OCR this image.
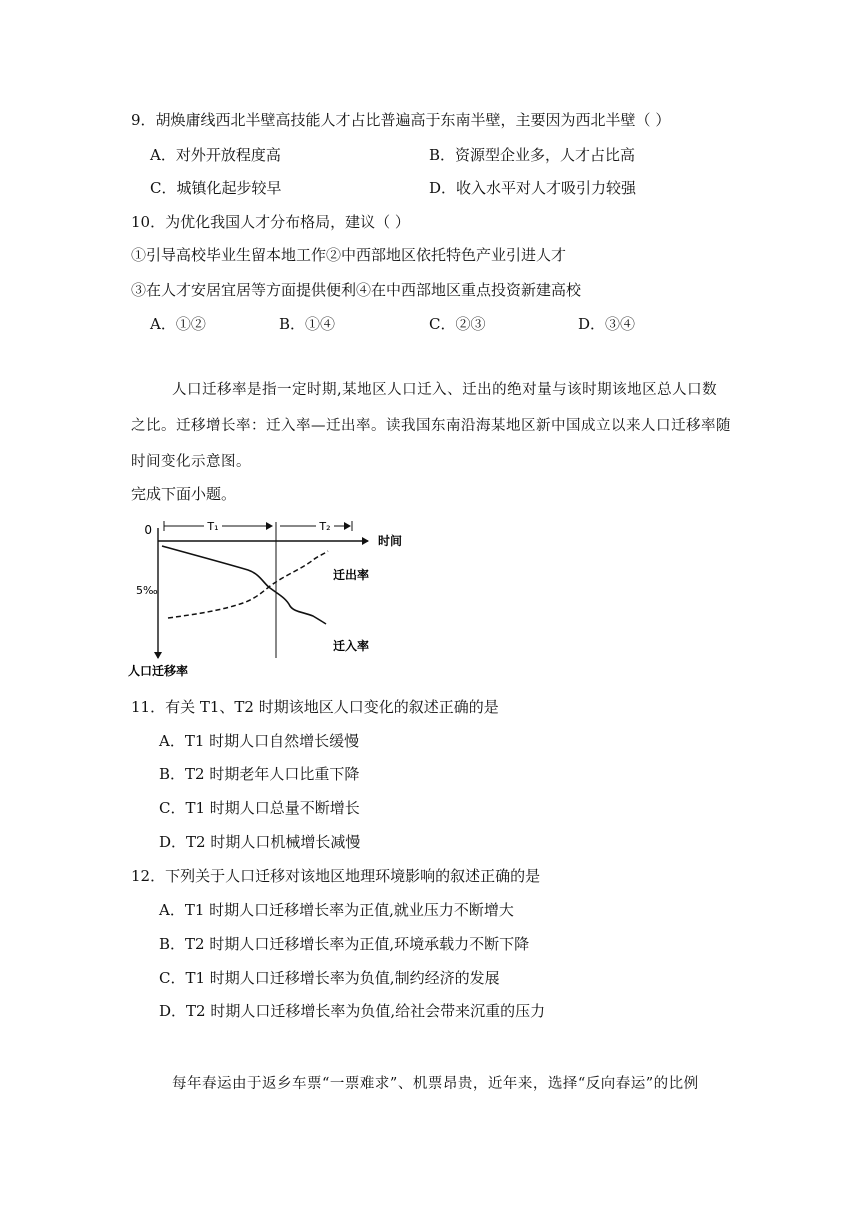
9．胡焕庸线西北半壁高技能人才占比普遍高于东南半壁，主要因为西北半壁（ ）
A．对外开放程度高	B．资源型企业多，人才占比高
C．城镇化起步较早	D．收入水平对人才吸引力较强
10．为优化我国人才分布格局，建议（ ）
①引导高校毕业生留本地工作②中西部地区依托特色产业引进人才
③在人才安居宜居等方面提供便利④在中西部地区重点投资新建高校
A．①②	B．①④	C．②③	D．③④
人口迁移率是指一定时期,某地区人口迁入、迁出的绝对量与该时期该地区总人口数
之比。迁移增长率：迁入率—迁出率。读我国东南沿海某地区新中国成立以来人口迁移率随
时间变化示意图。
完成下面小题。
0
时间
人口迁移率
5‰
T₁	T₂
迁出率
迁入率
11．有关 T1、T2 时期该地区人口变化的叙述正确的是
A．T1 时期人口自然增长缓慢
B．T2 时期老年人口比重下降
C．T1 时期人口总量不断增长
D．T2 时期人口机械增长减慢
12．下列关于人口迁移对该地区地理环境影响的叙述正确的是
A．T1 时期人口迁移增长率为正值,就业压力不断增大
B．T2 时期人口迁移增长率为正值,环境承载力不断下降
C．T1 时期人口迁移增长率为负值,制约经济的发展
D．T2 时期人口迁移增长率为负值,给社会带来沉重的压力
每年春运由于返乡车票“一票难求”、机票昂贵，近年来，选择“反向春运”的比例
